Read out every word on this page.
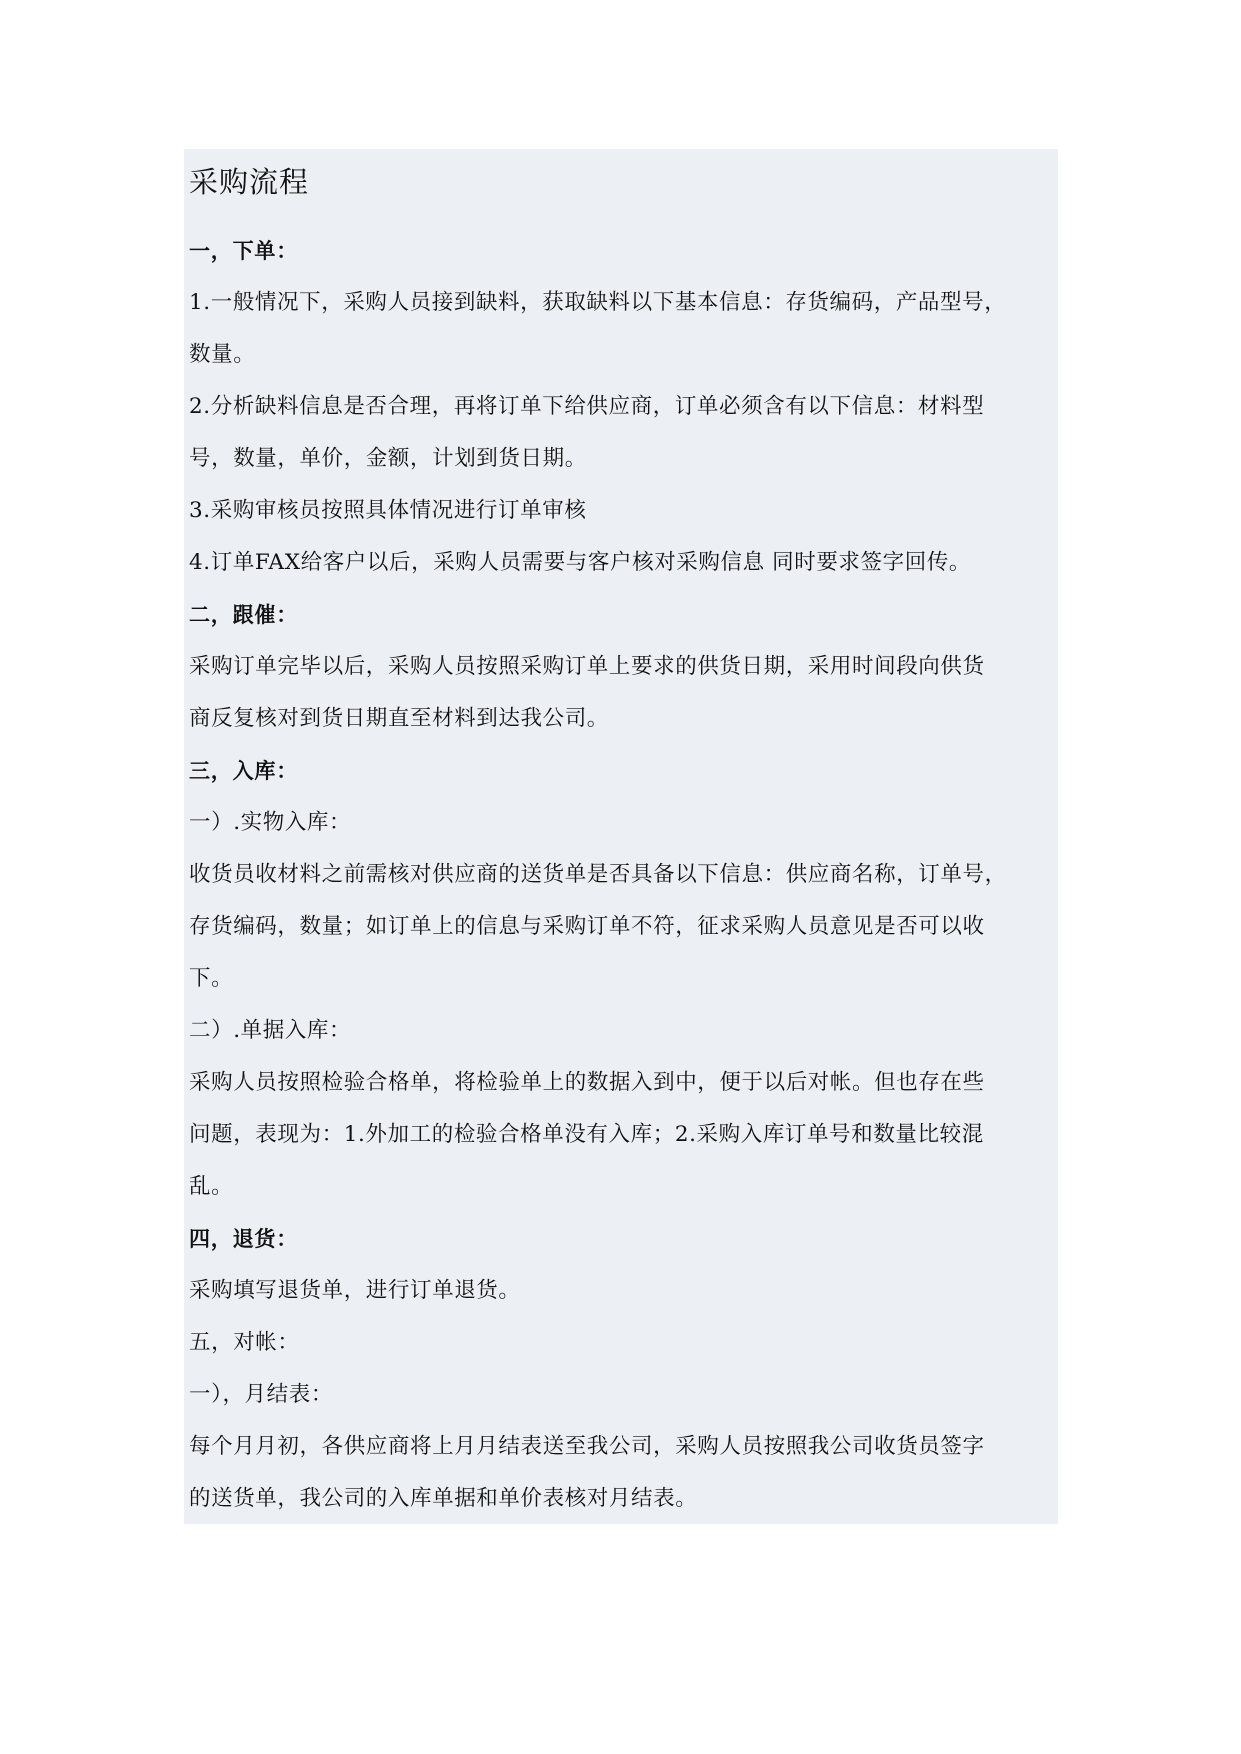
采购流程
一，下单：
1.一般情况下，采购人员接到缺料，获取缺料以下基本信息：存货编码，产品型号，
数量。
2.分析缺料信息是否合理，再将订单下给供应商，订单必须含有以下信息：材料型
号，数量，单价，金额，计划到货日期。
3.采购审核员按照具体情况进行订单审核
4.订单FAX给客户以后，采购人员需要与客户核对采购信息 同时要求签字回传。
二，跟催：
采购订单完毕以后，采购人员按照采购订单上要求的供货日期，采用时间段向供货
商反复核对到货日期直至材料到达我公司。
三，入库：
一）.实物入库：
收货员收材料之前需核对供应商的送货单是否具备以下信息：供应商名称，订单号，
存货编码，数量；如订单上的信息与采购订单不符，征求采购人员意见是否可以收
下。
二）.单据入库：
采购人员按照检验合格单，将检验单上的数据入到中，便于以后对帐。但也存在些
问题，表现为：1.外加工的检验合格单没有入库；2.采购入库订单号和数量比较混
乱。
四，退货：
采购填写退货单，进行订单退货。
五，对帐：
一），月结表：
每个月月初，各供应商将上月月结表送至我公司，采购人员按照我公司收货员签字
的送货单，我公司的入库单据和单价表核对月结表。
